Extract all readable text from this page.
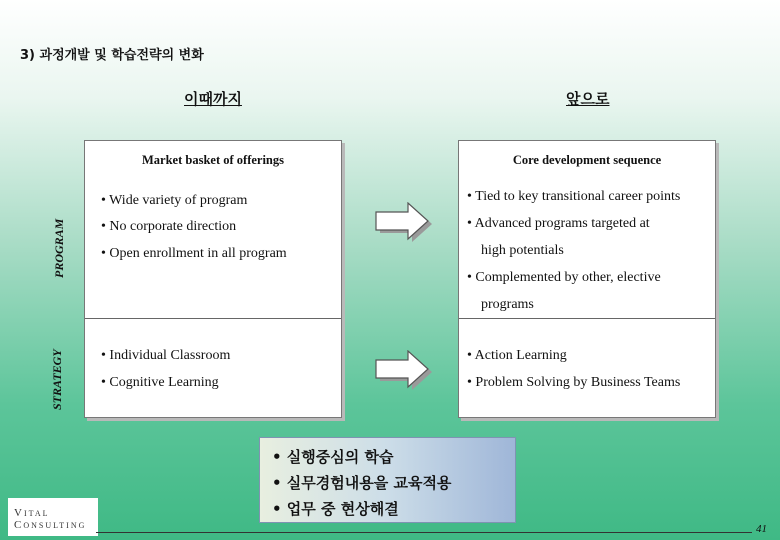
3) 과정개발 및 학습전략의 변화
이때까지	앞으로
PROGRAM
STRATEGY
Market basket of offerings
• Wide variety of program
• No corporate direction
• Open enrollment in all program
• Individual Classroom
• Cognitive Learning
Core development sequence
• Tied to key transitional career points
• Advanced programs targeted at
high potentials
• Complemented by other, elective
programs
• Action Learning
• Problem Solving by Business Teams
• 실행중심의 학습
• 실무경험내용을 교육적용
• 업무 중 현상해결
Vital
Consulting	41
